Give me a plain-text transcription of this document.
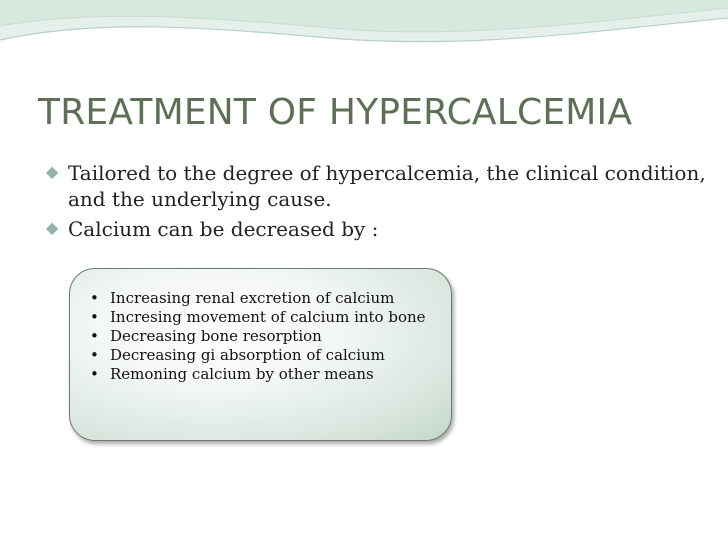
TREATMENT OF HYPERCALCEMIA
◆ Tailored to the degree of hypercalcemia, the clinical condition, and the underlying cause.
◆ Calcium can be decreased by :
• Increasing renal excretion of calcium
• Incresing movement of calcium into bone
• Decreasing bone resorption
• Decreasing gi absorption of calcium
• Remoning calcium by other means
